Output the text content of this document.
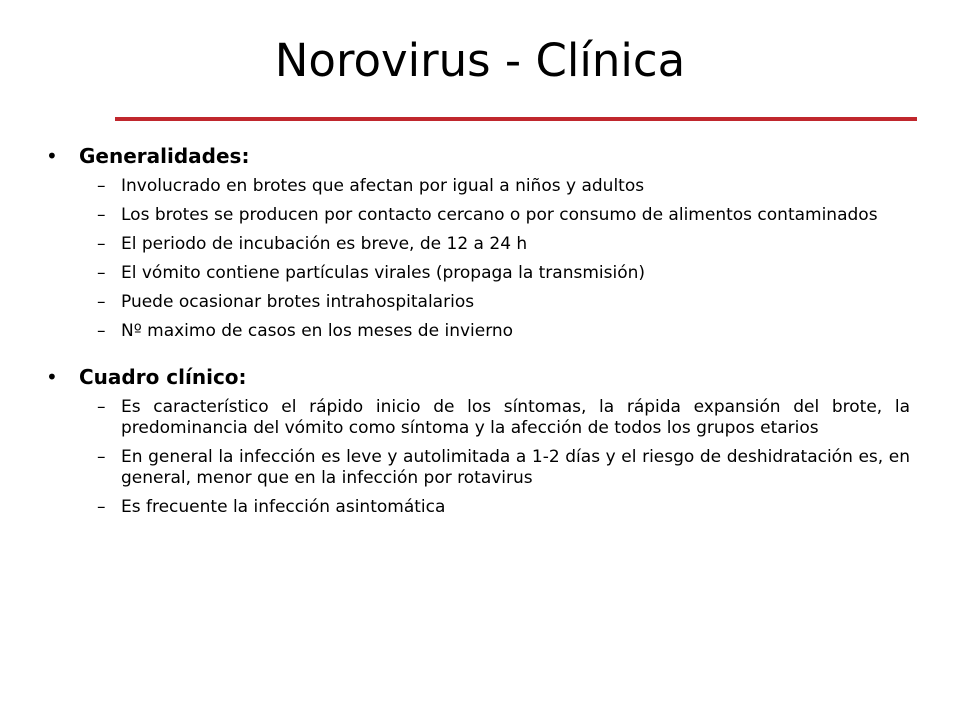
Norovirus - Clínica
• Generalidades:
– Involucrado en brotes que afectan por igual a niños y adultos
– Los brotes se producen por contacto cercano o por consumo de alimentos contaminados
– El periodo de incubación es breve, de 12 a 24 h
– El vómito contiene partículas virales (propaga la transmisión)
– Puede ocasionar brotes intrahospitalarios
– Nº maximo de casos en los meses de invierno
• Cuadro clínico:
– Es característico el rápido inicio de los síntomas, la rápida expansión del brote, la predominancia del vómito como síntoma y la afección de todos los grupos etarios
– En general la infección es leve y autolimitada a 1-2 días y el riesgo de deshidratación es, en general, menor que en la infección por rotavirus
– Es frecuente la infección asintomática
